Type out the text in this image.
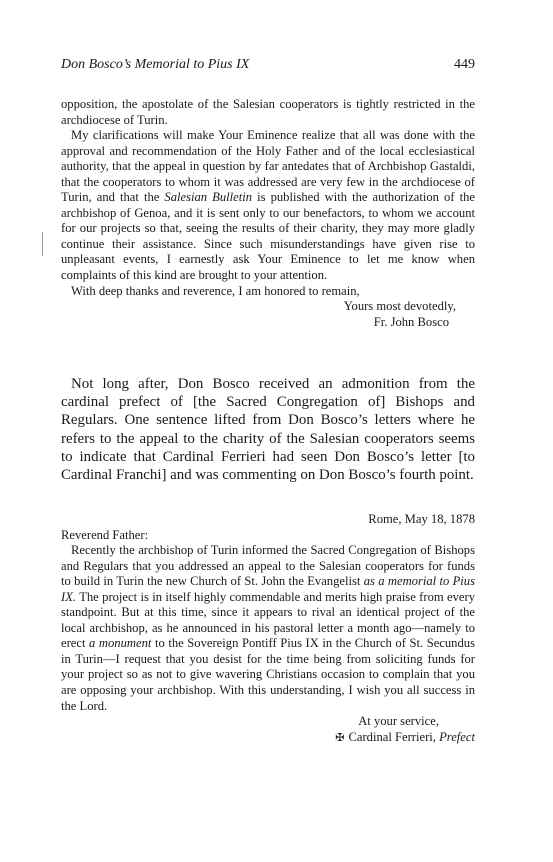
Don Bosco’s Memorial to Pius IX	449

opposition, the apostolate of the Salesian cooperators is tightly restricted in the archdiocese of Turin.

My clarifications will make Your Eminence realize that all was done with the approval and recommendation of the Holy Father and of the local ecclesiastical authority, that the appeal in question by far antedates that of Archbishop Gastaldi, that the cooperators to whom it was addressed are very few in the archdiocese of Turin, and that the Salesian Bulletin is published with the authorization of the archbishop of Genoa, and it is sent only to our benefactors, to whom we account for our projects so that, seeing the results of their charity, they may more gladly continue their assistance. Since such misunderstandings have given rise to unpleasant events, I earnestly ask Your Eminence to let me know when complaints of this kind are brought to your attention.

With deep thanks and reverence, I am honored to remain,

Yours most devotedly,

Fr. John Bosco

Not long after, Don Bosco received an admonition from the cardinal prefect of [the Sacred Congregation of] Bishops and Regulars. One sentence lifted from Don Bosco’s letters where he refers to the appeal to the charity of the Salesian cooperators seems to indicate that Cardinal Ferrieri had seen Don Bosco’s letter [to Cardinal Franchi] and was commenting on Don Bosco’s fourth point.

Rome, May 18, 1878

Reverend Father:

Recently the archbishop of Turin informed the Sacred Congregation of Bishops and Regulars that you addressed an appeal to the Salesian cooperators for funds to build in Turin the new Church of St. John the Evangelist as a memorial to Pius IX. The project is in itself highly commendable and merits high praise from every standpoint. But at this time, since it appears to rival an identical project of the local archbishop, as he announced in his pastoral letter a month ago—namely to erect a monument to the Sovereign Pontiff Pius IX in the Church of St. Secundus in Turin—I request that you desist for the time being from soliciting funds for your project so as not to give wavering Christians occasion to complain that you are opposing your archbishop. With this understanding, I wish you all success in the Lord.

At your service,

✠ Cardinal Ferrieri, Prefect
